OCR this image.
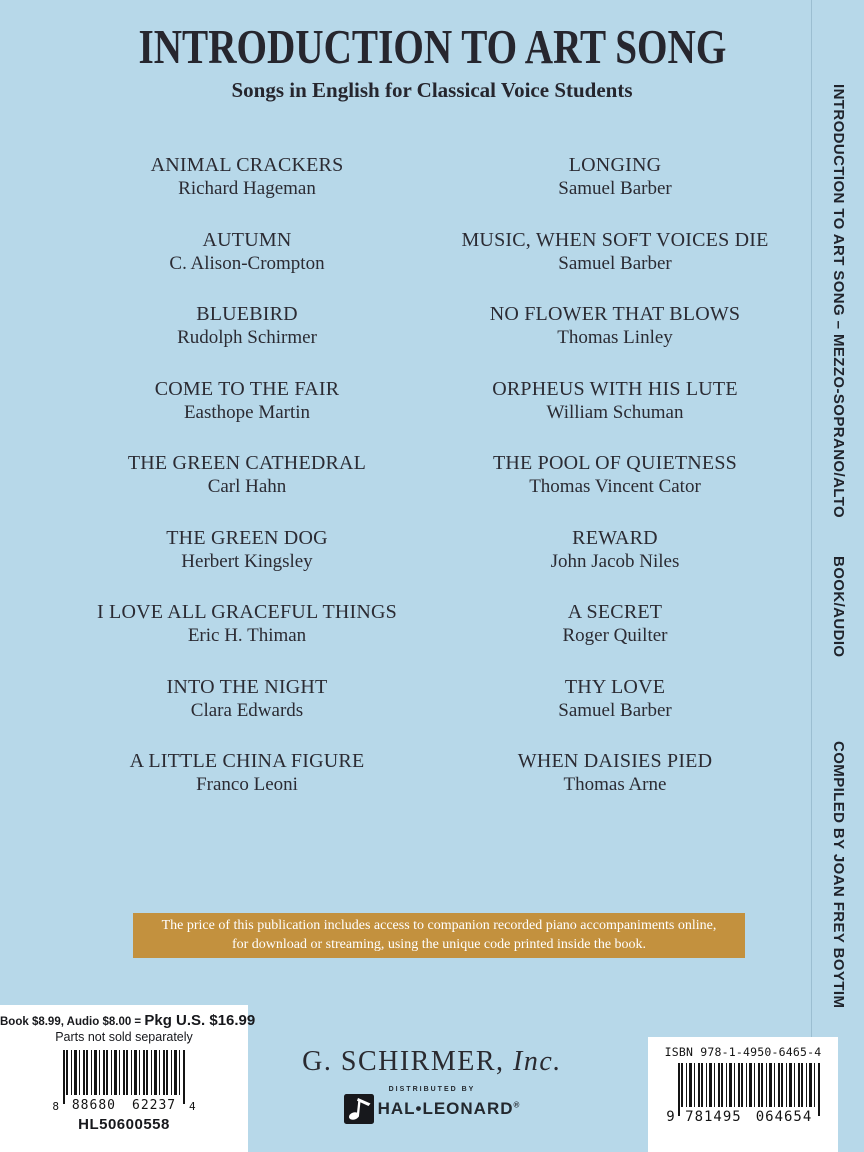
INTRODUCTION TO ART SONG
Songs in English for Classical Voice Students
ANIMAL CRACKERS
Richard Hageman
AUTUMN
C. Alison-Crompton
BLUEBIRD
Rudolph Schirmer
COME TO THE FAIR
Easthope Martin
THE GREEN CATHEDRAL
Carl Hahn
THE GREEN DOG
Herbert Kingsley
I LOVE ALL GRACEFUL THINGS
Eric H. Thiman
INTO THE NIGHT
Clara Edwards
A LITTLE CHINA FIGURE
Franco Leoni
LONGING
Samuel Barber
MUSIC, WHEN SOFT VOICES DIE
Samuel Barber
NO FLOWER THAT BLOWS
Thomas Linley
ORPHEUS WITH HIS LUTE
William Schuman
THE POOL OF QUIETNESS
Thomas Vincent Cator
REWARD
John Jacob Niles
A SECRET
Roger Quilter
THY LOVE
Samuel Barber
WHEN DAISIES PIED
Thomas Arne
The price of this publication includes access to companion recorded piano accompaniments online,
for download or streaming, using the unique code printed inside the book.
INTRODUCTION TO ART SONG – MEZZO-SOPRANO/ALTO
BOOK/AUDIO
COMPILED BY JOAN FREY BOYTIM
Book $8.99, Audio $8.00 = Pkg U.S. $16.99
Parts not sold separately
8 88680 62237 4
HL50600558
G. SCHIRMER, Inc.
DISTRIBUTED BY
HAL•LEONARD®
ISBN 978-1-4950-6465-4
9 781495 064654
